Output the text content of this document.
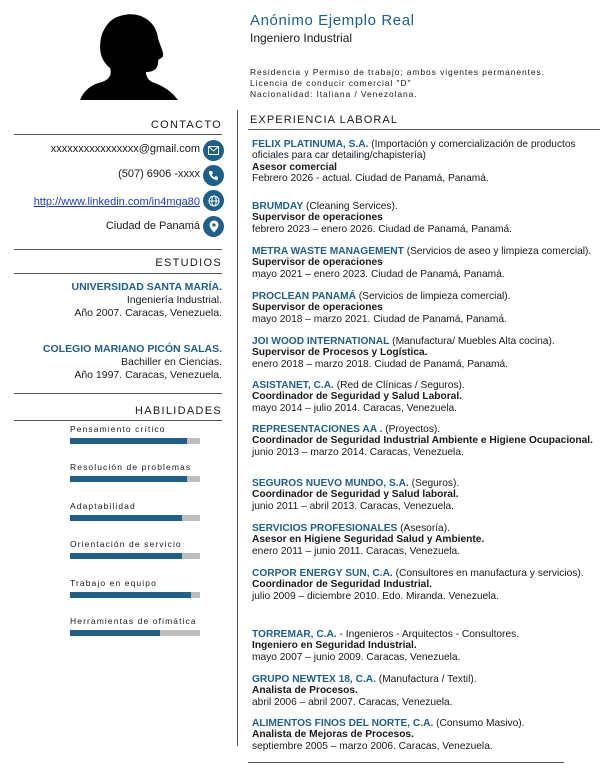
Anónimo Ejemplo Real
Ingeniero Industrial
Residencia y Permiso de trabajo; ambos vigentes permanentes.
Licencia de conducir comercial "D"
Nacionalidad: Italiana / Venezolana.
CONTACTO
xxxxxxxxxxxxxxxx@gmail.com
(507) 6906 -xxxx
http://www.linkedin.com/in4mga80
Ciudad de Panamá
ESTUDIOS
UNIVERSIDAD SANTA MARÍA.
Ingeniería Industrial.
Año 2007. Caracas, Venezuela.
COLEGIO MARIANO PICÓN SALAS.
Bachiller en Ciencias.
Año 1997. Caracas, Venezuela.
HABILIDADES
Pensamiento crítico
Resolución de problemas
Adaptabilidad
Orientación de servicio
Trabajo en equipo
Herramientas de ofimática
EXPERIENCIA LABORAL
FELIX PLATINUMA, S.A. (Importación y comercialización de productos oficiales para car detailing/chapistería)
Asesor comercial
Febrero 2026 - actual. Ciudad de Panamá, Panamá.
BRUMDAY (Cleaning Services).
Supervisor de operaciones
febrero 2023 – enero 2026. Ciudad de Panamá, Panamá.
METRA WASTE MANAGEMENT (Servicios de aseo y limpieza comercial).
Supervisor de operaciones
mayo 2021 – enero 2023. Ciudad de Panamá, Panamá.
PROCLEAN PANAMÁ (Servicios de limpieza comercial).
Supervisor de operaciones
mayo 2018 – marzo 2021. Ciudad de Panamá, Panamá.
JOI WOOD INTERNATIONAL (Manufactura/ Muebles Alta cocina).
Supervisor de Procesos y Logística.
enero 2018 – marzo 2018. Ciudad de Panamá, Panamá.
ASISTANET, C.A. (Red de Clínicas / Seguros).
Coordinador de Seguridad y Salud Laboral.
mayo 2014 – julio 2014. Caracas, Venezuela.
REPRESENTACIONES AA . (Proyectos).
Coordinador de Seguridad Industrial Ambiente e Higiene Ocupacional.
junio 2013 – marzo 2014. Caracas, Venezuela.
SEGUROS NUEVO MUNDO, S.A. (Seguros).
Coordinador de Seguridad y Salud laboral.
junio 2011 – abril 2013. Caracas, Venezuela.
SERVICIOS PROFESIONALES (Asesoría).
Asesor en Higiene Seguridad Salud y Ambiente.
enero 2011 – junio 2011. Caracas, Venezuela.
CORPOR ENERGY SUN, C.A. (Consultores en manufactura y servicios).
Coordinador de Seguridad Industrial.
julio 2009 – diciembre 2010. Edo. Miranda. Venezuela.
TORREMAR, C.A. - Ingenieros - Arquitectos - Consultores.
Ingeniero en Seguridad Industrial.
mayo 2007 – junio 2009. Caracas, Venezuela.
GRUPO NEWTEX 18, C.A. (Manufactura / Textil).
Analista de Procesos.
abril 2006 – abril 2007. Caracas, Venezuela.
ALIMENTOS FINOS DEL NORTE, C.A. (Consumo Masivo).
Analista de Mejoras de Procesos.
septiembre 2005 – marzo 2006. Caracas, Venezuela.
